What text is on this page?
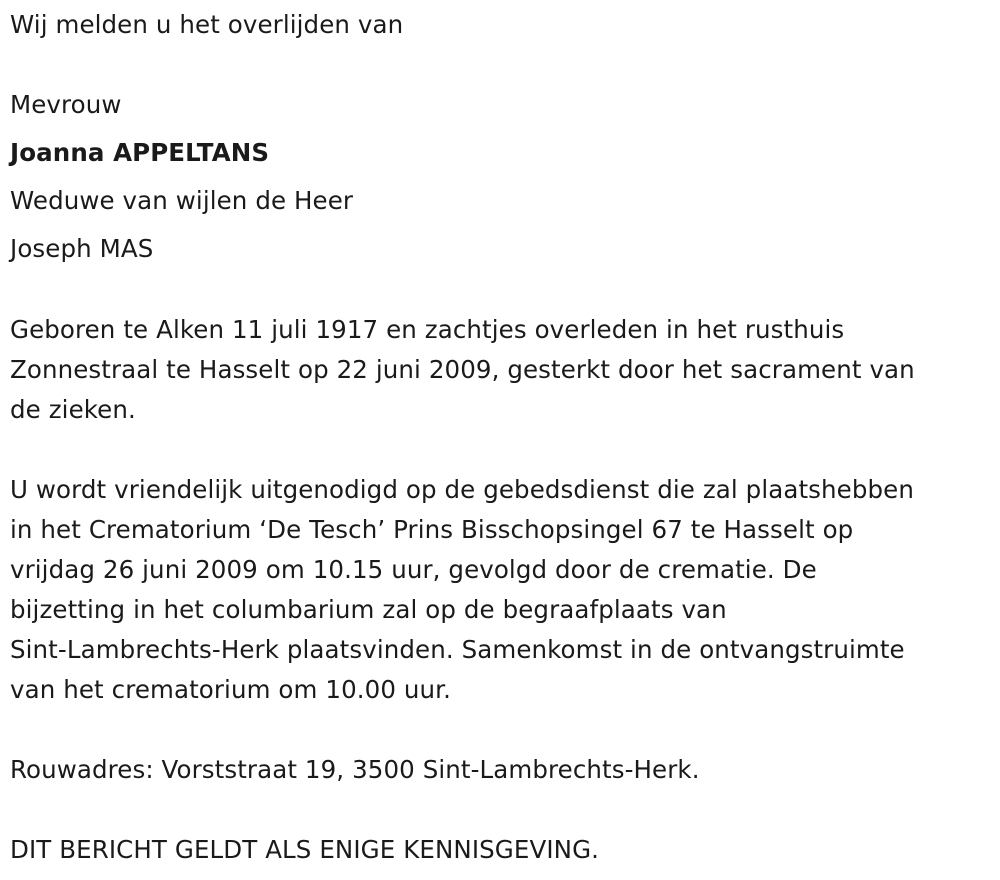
Wij melden u het overlijden van
Mevrouw
Joanna APPELTANS
Weduwe van wijlen de Heer
Joseph MAS
Geboren te Alken 11 juli 1917 en zachtjes overleden in het rusthuis
Zonnestraal te Hasselt op 22 juni 2009, gesterkt door het sacrament van
de zieken.
U wordt vriendelijk uitgenodigd op de gebedsdienst die zal plaatshebben
in het Crematorium ‘De Tesch’ Prins Bisschopsingel 67 te Hasselt op
vrijdag 26 juni 2009 om 10.15 uur, gevolgd door de crematie. De
bijzetting in het columbarium zal op de begraafplaats van
Sint-Lambrechts-Herk plaatsvinden. Samenkomst in de ontvangstruimte
van het crematorium om 10.00 uur.
Rouwadres: Vorststraat 19, 3500 Sint-Lambrechts-Herk.
DIT BERICHT GELDT ALS ENIGE KENNISGEVING.
